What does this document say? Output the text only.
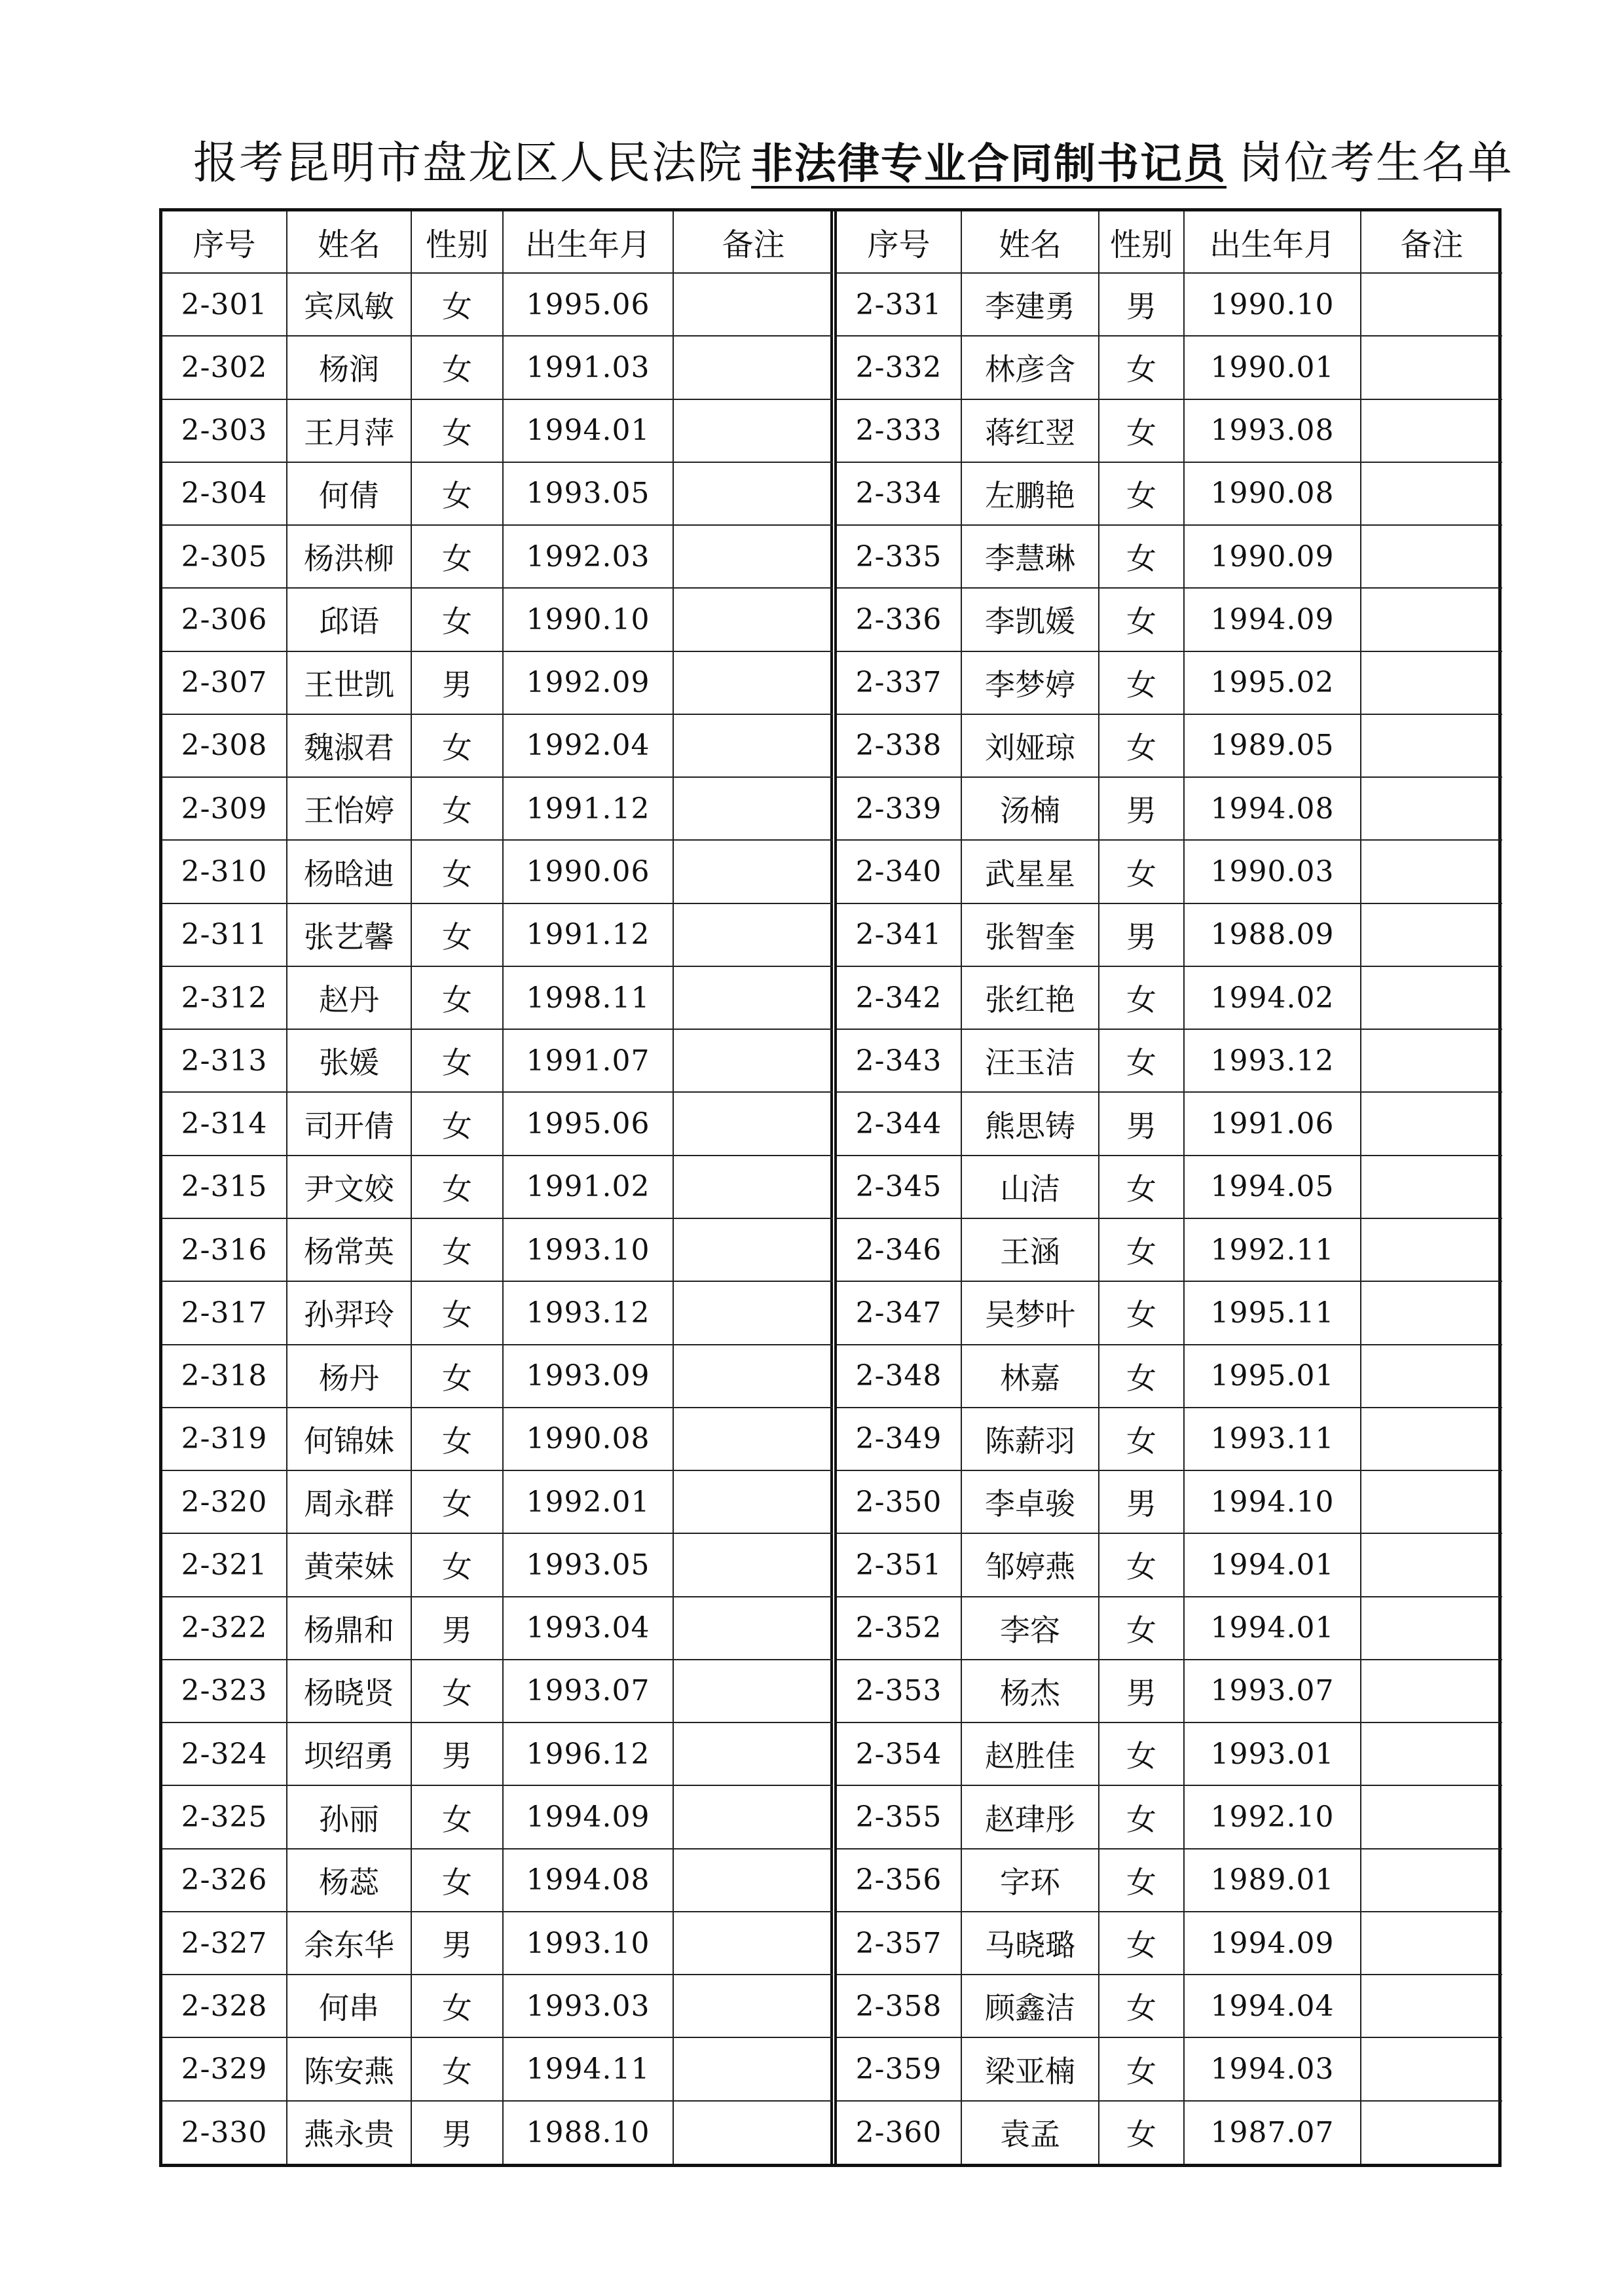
报考昆明市盘龙区人民法院 非法律专业合同制书记员 岗位考生名单
序号	姓名	性别	出生年月	备注
2-301	宾凤敏	女	1995.06	
2-302	杨润	女	1991.03	
2-303	王月萍	女	1994.01	
2-304	何倩	女	1993.05	
2-305	杨洪柳	女	1992.03	
2-306	邱语	女	1990.10	
2-307	王世凯	男	1992.09	
2-308	魏淑君	女	1992.04	
2-309	王怡婷	女	1991.12	
2-310	杨晗迪	女	1990.06	
2-311	张艺馨	女	1991.12	
2-312	赵丹	女	1998.11	
2-313	张媛	女	1991.07	
2-314	司开倩	女	1995.06	
2-315	尹文姣	女	1991.02	
2-316	杨常英	女	1993.10	
2-317	孙羿玲	女	1993.12	
2-318	杨丹	女	1993.09	
2-319	何锦妹	女	1990.08	
2-320	周永群	女	1992.01	
2-321	黄荣妹	女	1993.05	
2-322	杨鼎和	男	1993.04	
2-323	杨晓贤	女	1993.07	
2-324	坝绍勇	男	1996.12	
2-325	孙丽	女	1994.09	
2-326	杨蕊	女	1994.08	
2-327	余东华	男	1993.10	
2-328	何串	女	1993.03	
2-329	陈安燕	女	1994.11	
2-330	燕永贵	男	1988.10	
序号	姓名	性别	出生年月	备注
2-331	李建勇	男	1990.10	
2-332	林彦含	女	1990.01	
2-333	蒋红翌	女	1993.08	
2-334	左鹏艳	女	1990.08	
2-335	李慧琳	女	1990.09	
2-336	李凯媛	女	1994.09	
2-337	李梦婷	女	1995.02	
2-338	刘娅琼	女	1989.05	
2-339	汤楠	男	1994.08	
2-340	武星星	女	1990.03	
2-341	张智奎	男	1988.09	
2-342	张红艳	女	1994.02	
2-343	汪玉洁	女	1993.12	
2-344	熊思铸	男	1991.06	
2-345	山洁	女	1994.05	
2-346	王涵	女	1992.11	
2-347	吴梦叶	女	1995.11	
2-348	林嘉	女	1995.01	
2-349	陈薪羽	女	1993.11	
2-350	李卓骏	男	1994.10	
2-351	邹婷燕	女	1994.01	
2-352	李容	女	1994.01	
2-353	杨杰	男	1993.07	
2-354	赵胜佳	女	1993.01	
2-355	赵珒彤	女	1992.10	
2-356	字环	女	1989.01	
2-357	马晓璐	女	1994.09	
2-358	顾鑫洁	女	1994.04	
2-359	梁亚楠	女	1994.03	
2-360	袁孟	女	1987.07	
